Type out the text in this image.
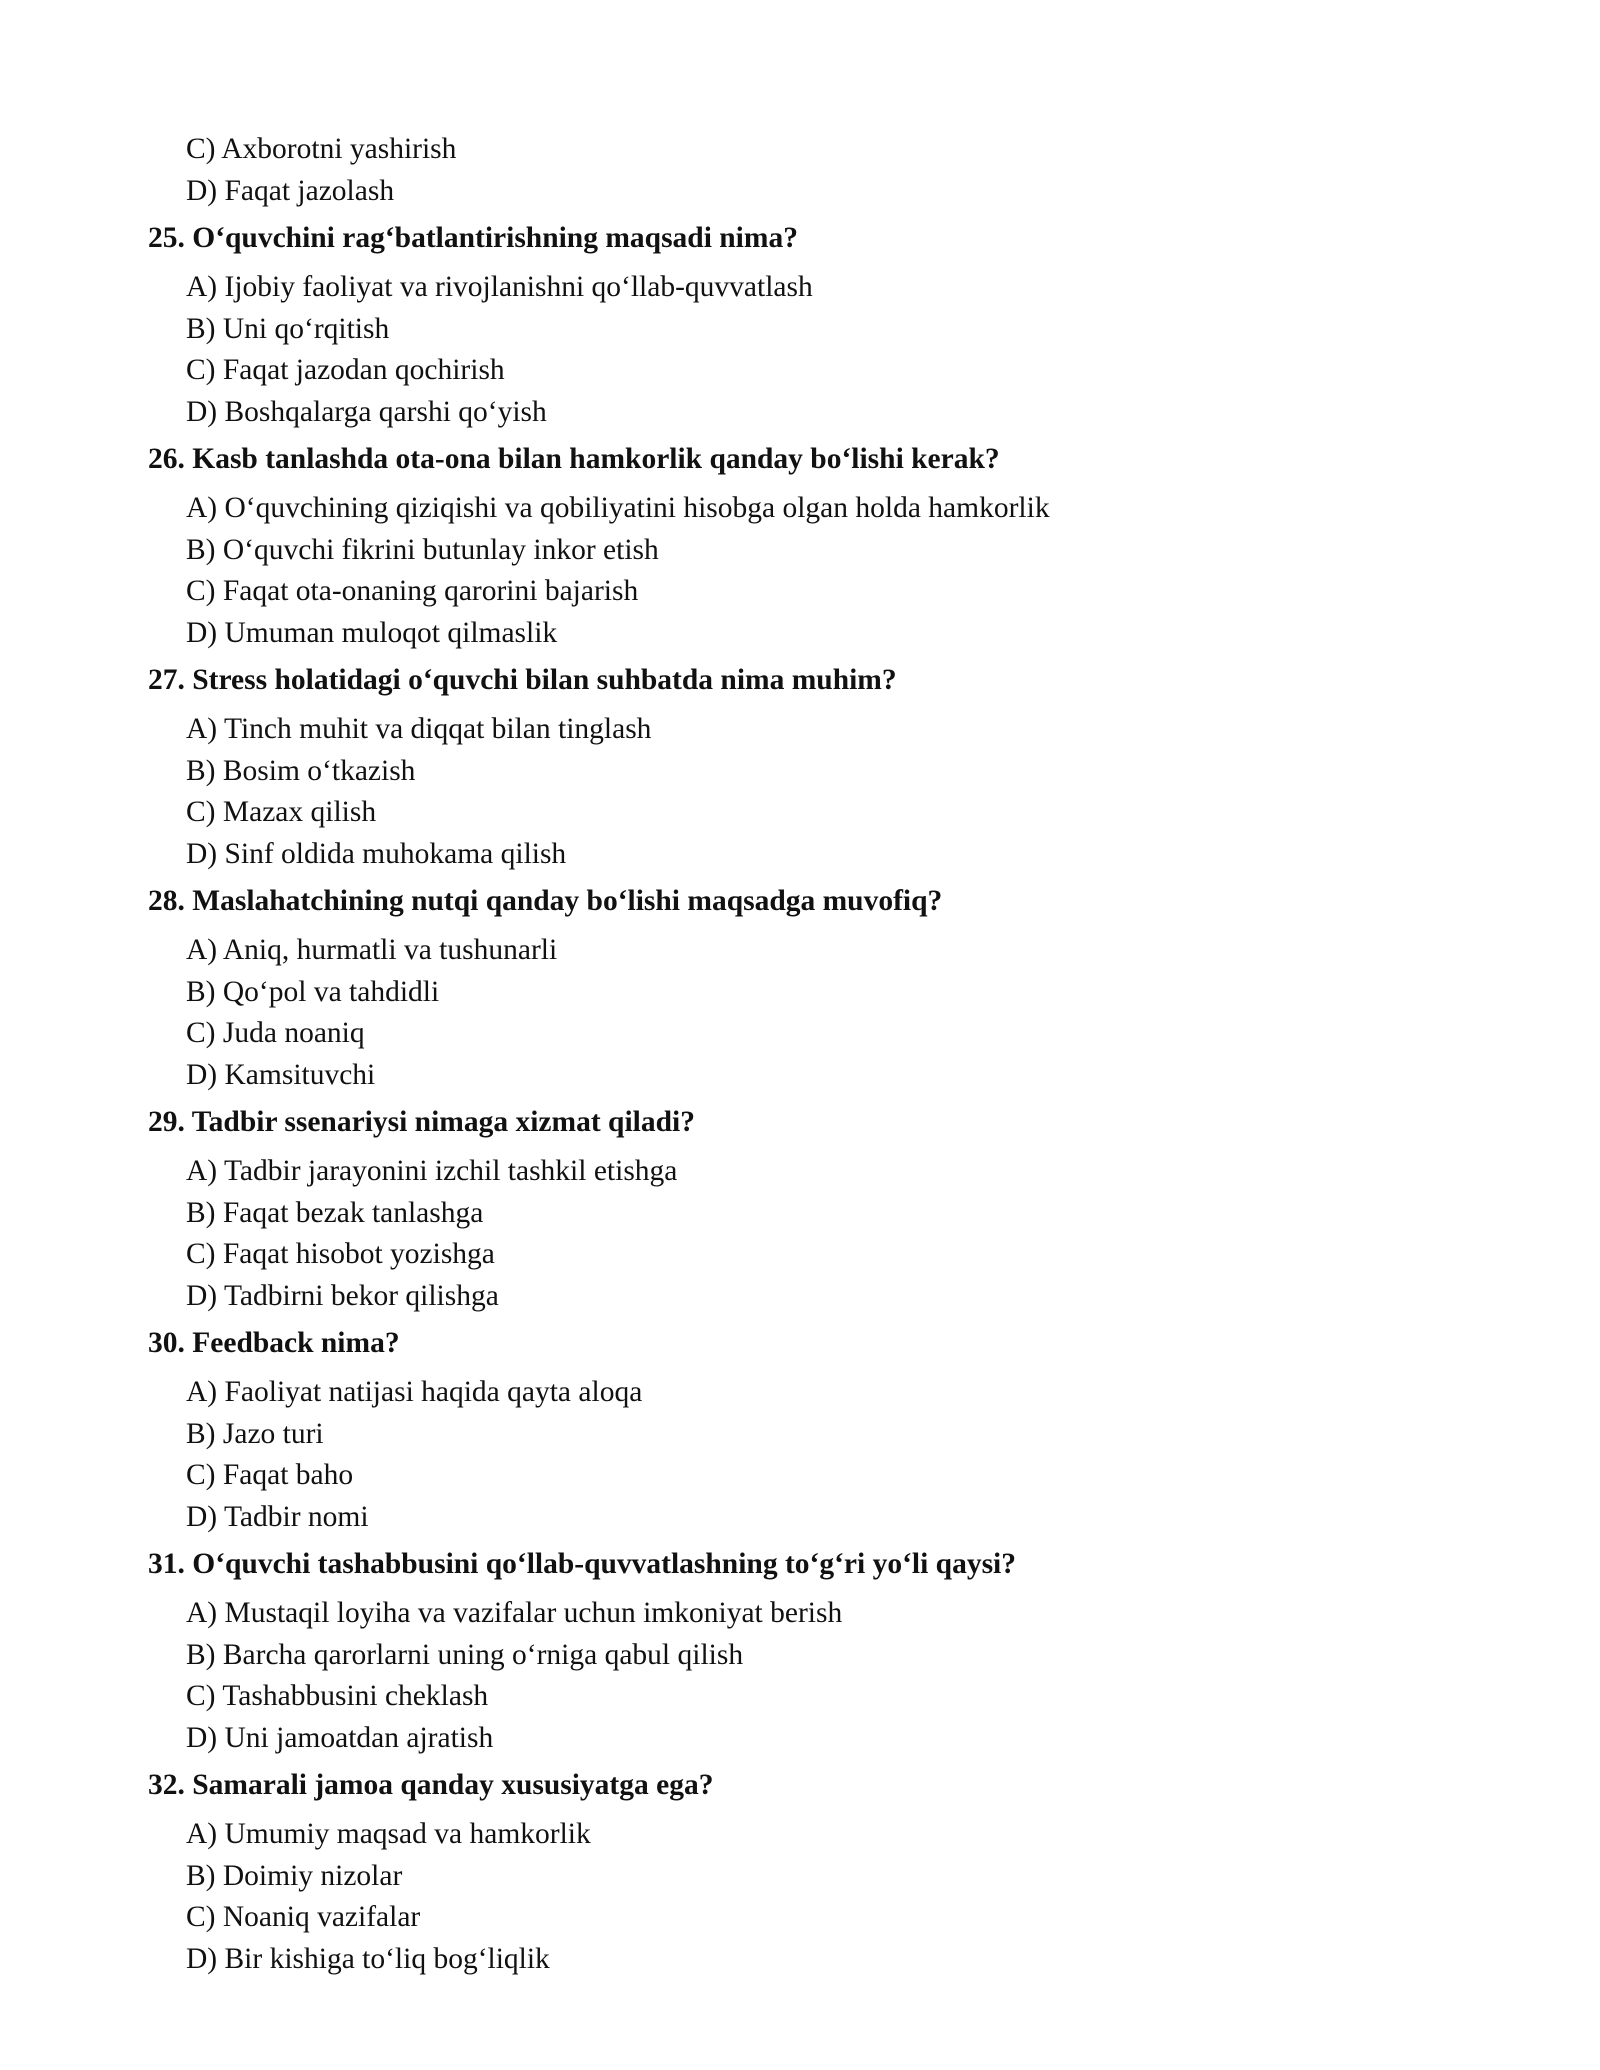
C) Axborotni yashirish
D) Faqat jazolash
25. O‘quvchini rag‘batlantirishning maqsadi nima?
A) Ijobiy faoliyat va rivojlanishni qo‘llab-quvvatlash
B) Uni qo‘rqitish
C) Faqat jazodan qochirish
D) Boshqalarga qarshi qo‘yish
26. Kasb tanlashda ota-ona bilan hamkorlik qanday bo‘lishi kerak?
A) O‘quvchining qiziqishi va qobiliyatini hisobga olgan holda hamkorlik
B) O‘quvchi fikrini butunlay inkor etish
C) Faqat ota-onaning qarorini bajarish
D) Umuman muloqot qilmaslik
27. Stress holatidagi o‘quvchi bilan suhbatda nima muhim?
A) Tinch muhit va diqqat bilan tinglash
B) Bosim o‘tkazish
C) Mazax qilish
D) Sinf oldida muhokama qilish
28. Maslahatchining nutqi qanday bo‘lishi maqsadga muvofiq?
A) Aniq, hurmatli va tushunarli
B) Qo‘pol va tahdidli
C) Juda noaniq
D) Kamsituvchi
29. Tadbir ssenariysi nimaga xizmat qiladi?
A) Tadbir jarayonini izchil tashkil etishga
B) Faqat bezak tanlashga
C) Faqat hisobot yozishga
D) Tadbirni bekor qilishga
30. Feedback nima?
A) Faoliyat natijasi haqida qayta aloqa
B) Jazo turi
C) Faqat baho
D) Tadbir nomi
31. O‘quvchi tashabbusini qo‘llab-quvvatlashning to‘g‘ri yo‘li qaysi?
A) Mustaqil loyiha va vazifalar uchun imkoniyat berish
B) Barcha qarorlarni uning o‘rniga qabul qilish
C) Tashabbusini cheklash
D) Uni jamoatdan ajratish
32. Samarali jamoa qanday xususiyatga ega?
A) Umumiy maqsad va hamkorlik
B) Doimiy nizolar
C) Noaniq vazifalar
D) Bir kishiga to‘liq bog‘liqlik
